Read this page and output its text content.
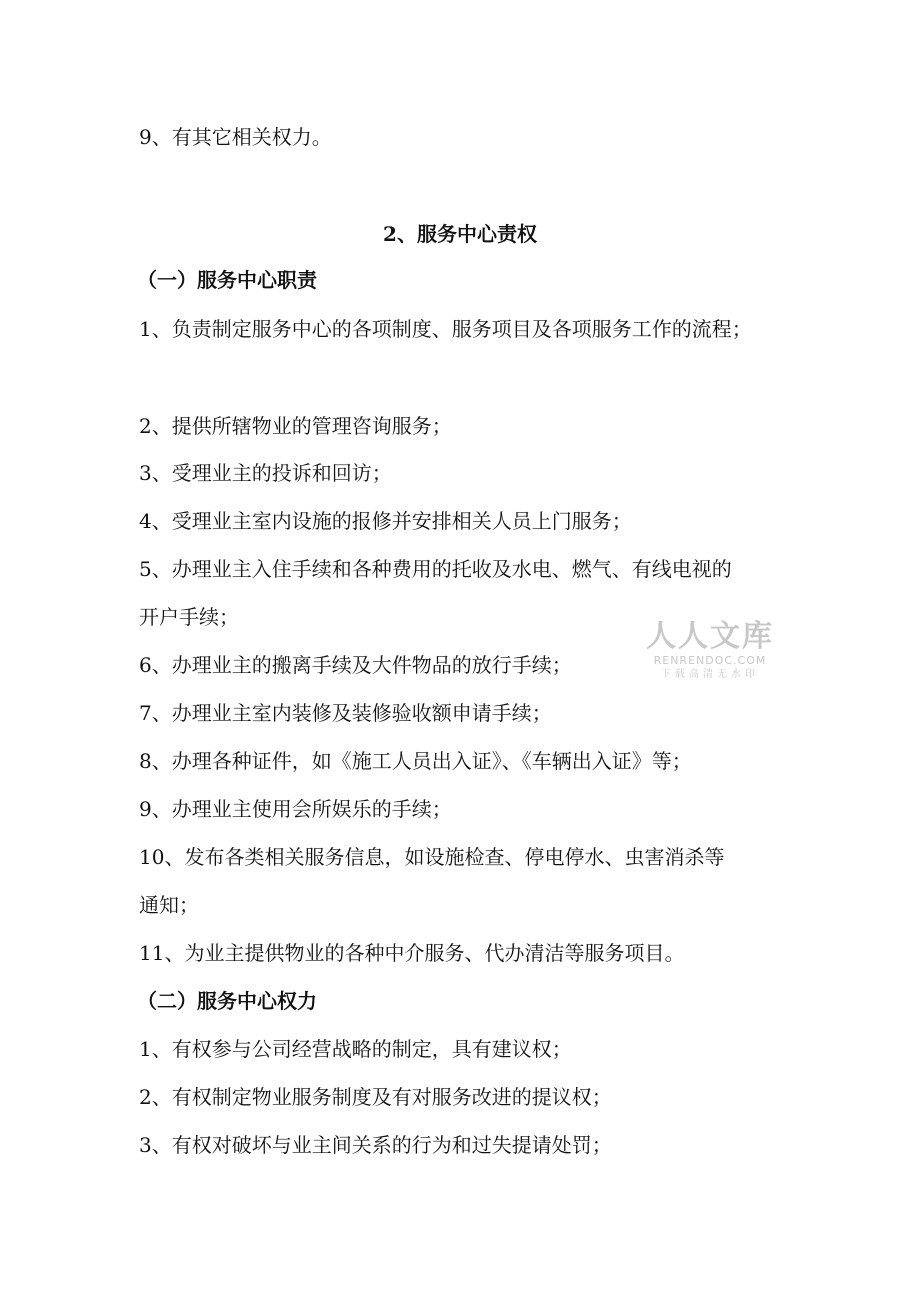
9、有其它相关权力。
2、服务中心责权
（一）服务中心职责
1、负责制定服务中心的各项制度、服务项目及各项服务工作的流程；
2、提供所辖物业的管理咨询服务；
3、受理业主的投诉和回访；
4、受理业主室内设施的报修并安排相关人员上门服务；
5、办理业主入住手续和各种费用的托收及水电、燃气、有线电视的
开户手续；
6、办理业主的搬离手续及大件物品的放行手续；
7、办理业主室内装修及装修验收额申请手续；
8、办理各种证件，如《施工人员出入证》、《车辆出入证》等；
9、办理业主使用会所娱乐的手续；
10、发布各类相关服务信息，如设施检查、停电停水、虫害消杀等
通知；
11、为业主提供物业的各种中介服务、代办清洁等服务项目。
（二）服务中心权力
1、有权参与公司经营战略的制定，具有建议权；
2、有权制定物业服务制度及有对服务改进的提议权；
3、有权对破坏与业主间关系的行为和过失提请处罚；
人人文库
RENRENDOC.COM
下载高清无水印
